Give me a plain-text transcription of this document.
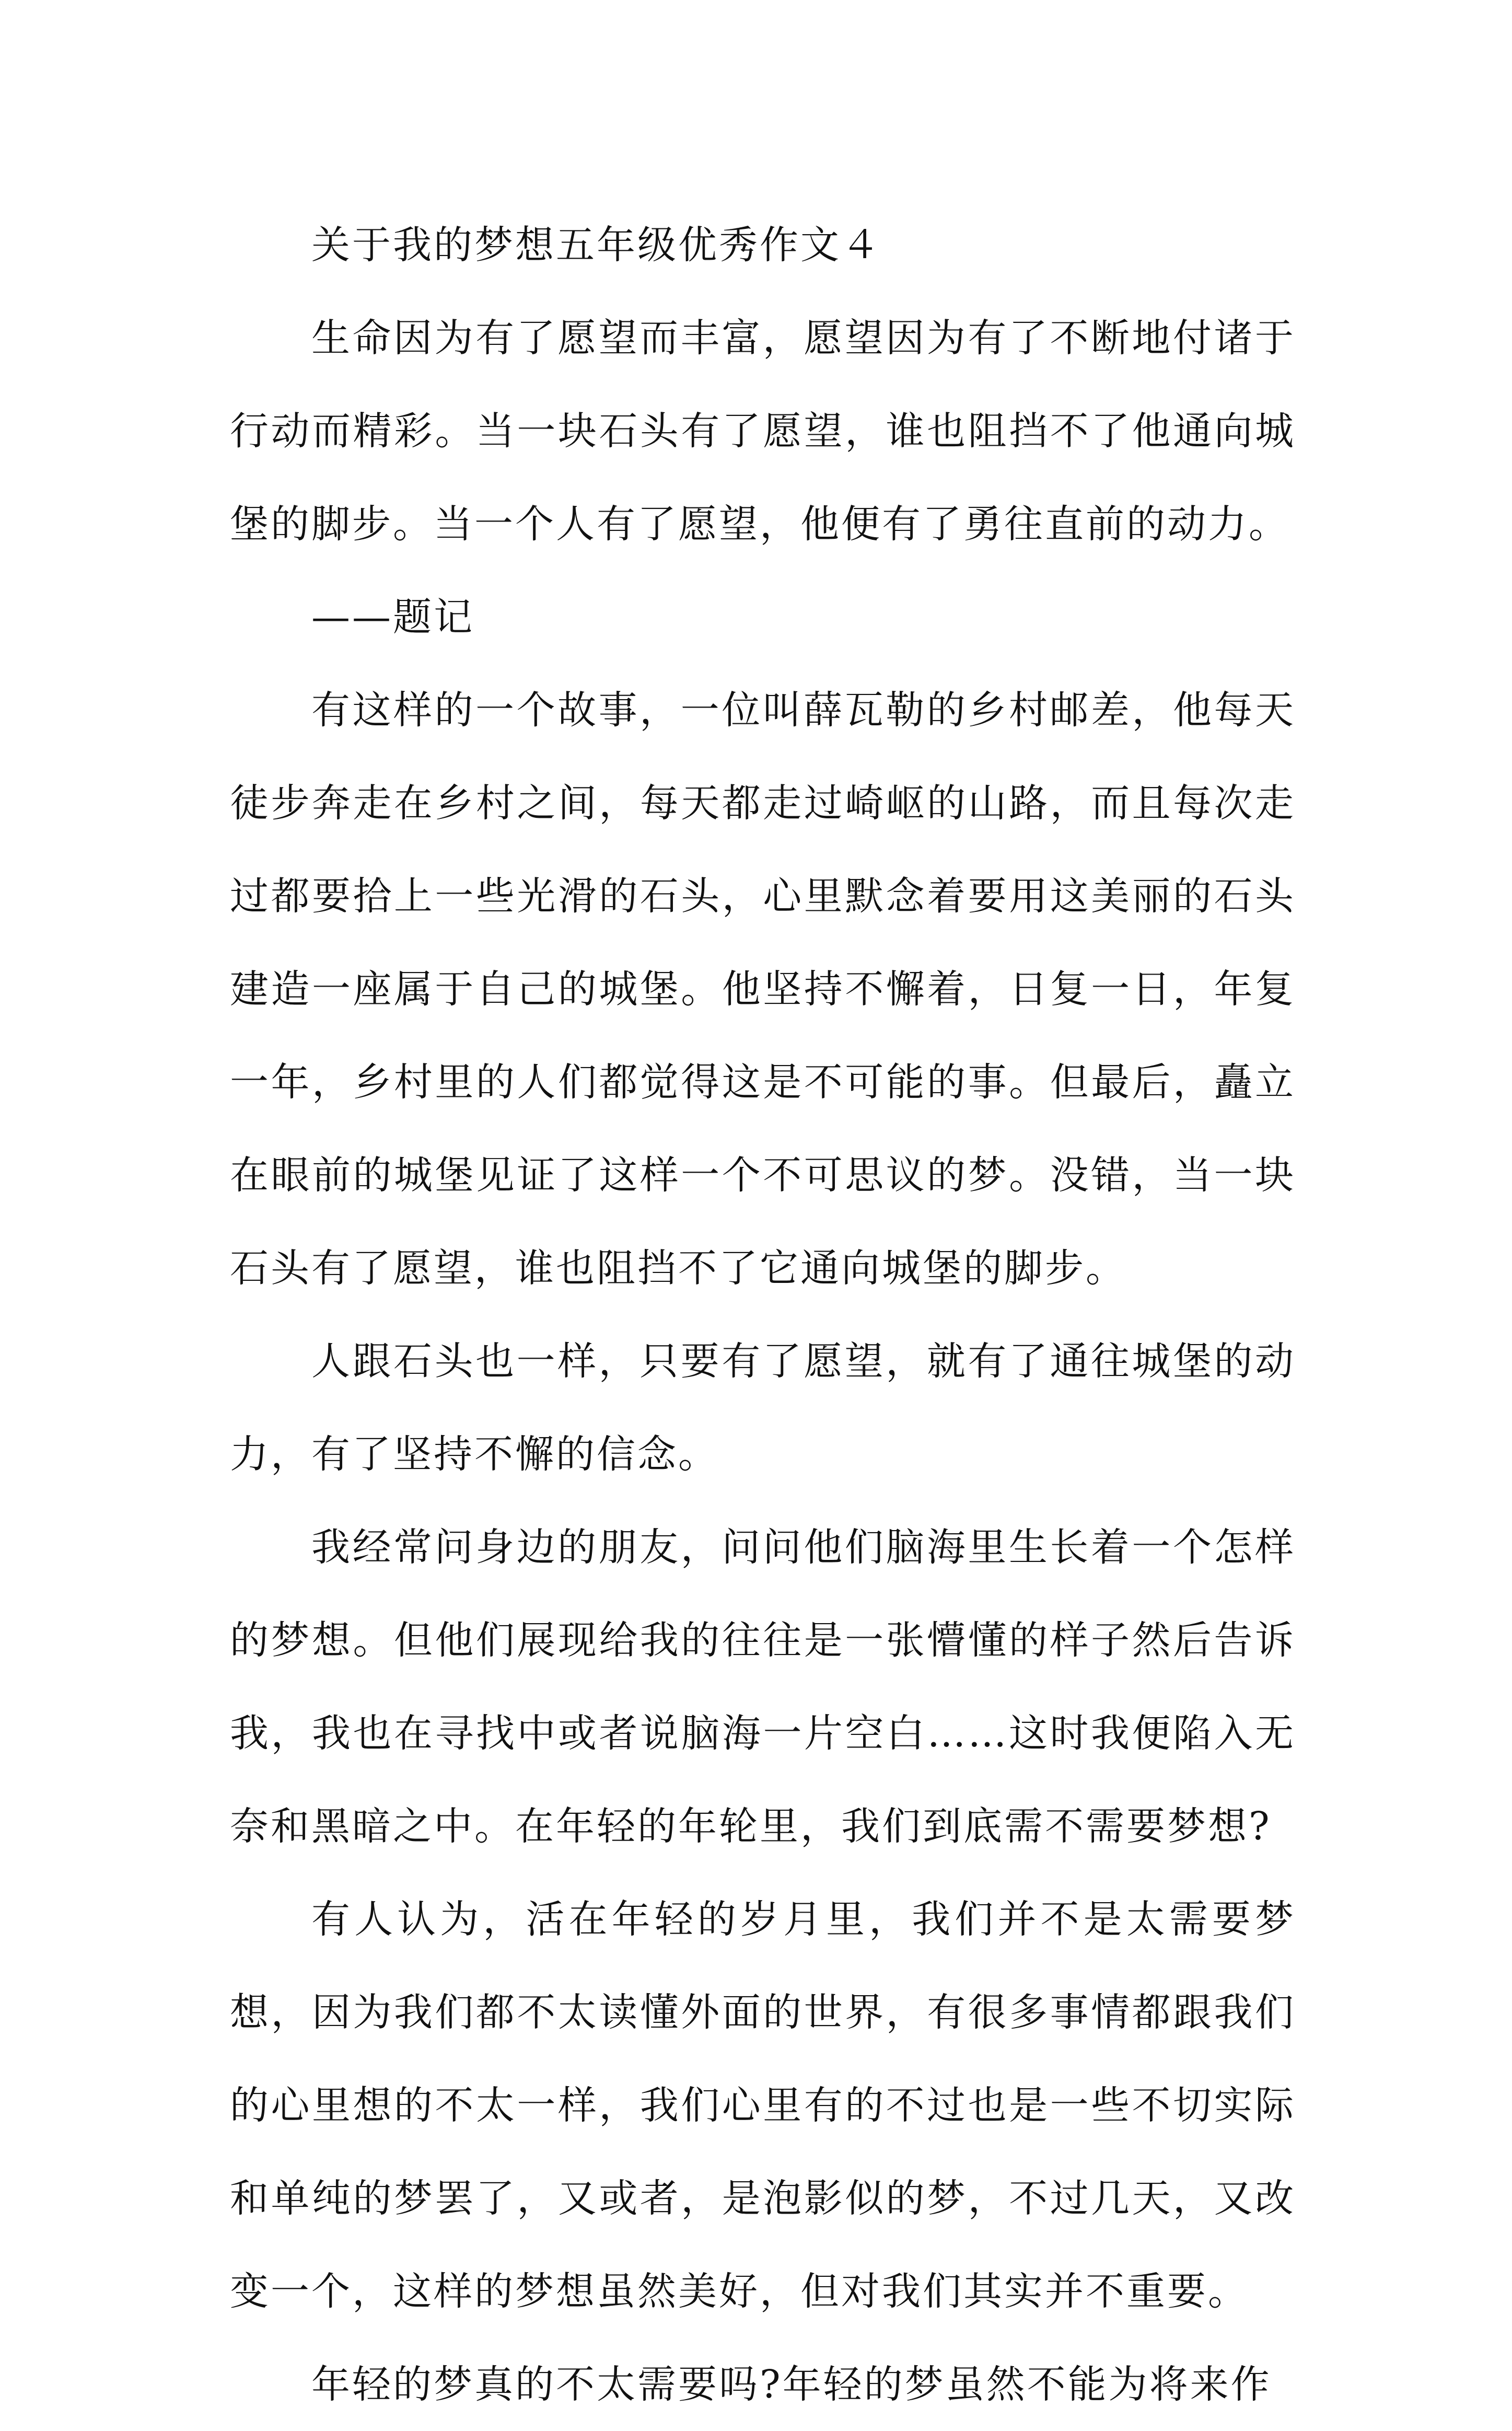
关于我的梦想五年级优秀作文４

生命因为有了愿望而丰富，愿望因为有了不断地付诸于行动而精彩。当一块石头有了愿望，谁也阻挡不了他通向城堡的脚步。当一个人有了愿望，他便有了勇往直前的动力。

——题记

有这样的一个故事，一位叫薛瓦勒的乡村邮差，他每天徒步奔走在乡村之间，每天都走过崎岖的山路，而且每次走过都要拾上一些光滑的石头，心里默念着要用这美丽的石头建造一座属于自己的城堡。他坚持不懈着，日复一日，年复一年，乡村里的人们都觉得这是不可能的事。但最后，矗立在眼前的城堡见证了这样一个不可思议的梦。没错，当一块石头有了愿望，谁也阻挡不了它通向城堡的脚步。

人跟石头也一样，只要有了愿望，就有了通往城堡的动力，有了坚持不懈的信念。

我经常问身边的朋友，问问他们脑海里生长着一个怎样的梦想。但他们展现给我的往往是一张懵懂的样子然后告诉我，我也在寻找中或者说脑海一片空白……这时我便陷入无奈和黑暗之中。在年轻的年轮里，我们到底需不需要梦想?

有人认为，活在年轻的岁月里，我们并不是太需要梦想，因为我们都不太读懂外面的世界，有很多事情都跟我们的心里想的不太一样，我们心里有的不过也是一些不切实际和单纯的梦罢了，又或者，是泡影似的梦，不过几天，又改变一个，这样的梦想虽然美好，但对我们其实并不重要。

年轻的梦真的不太需要吗?年轻的梦虽然不能为将来作
